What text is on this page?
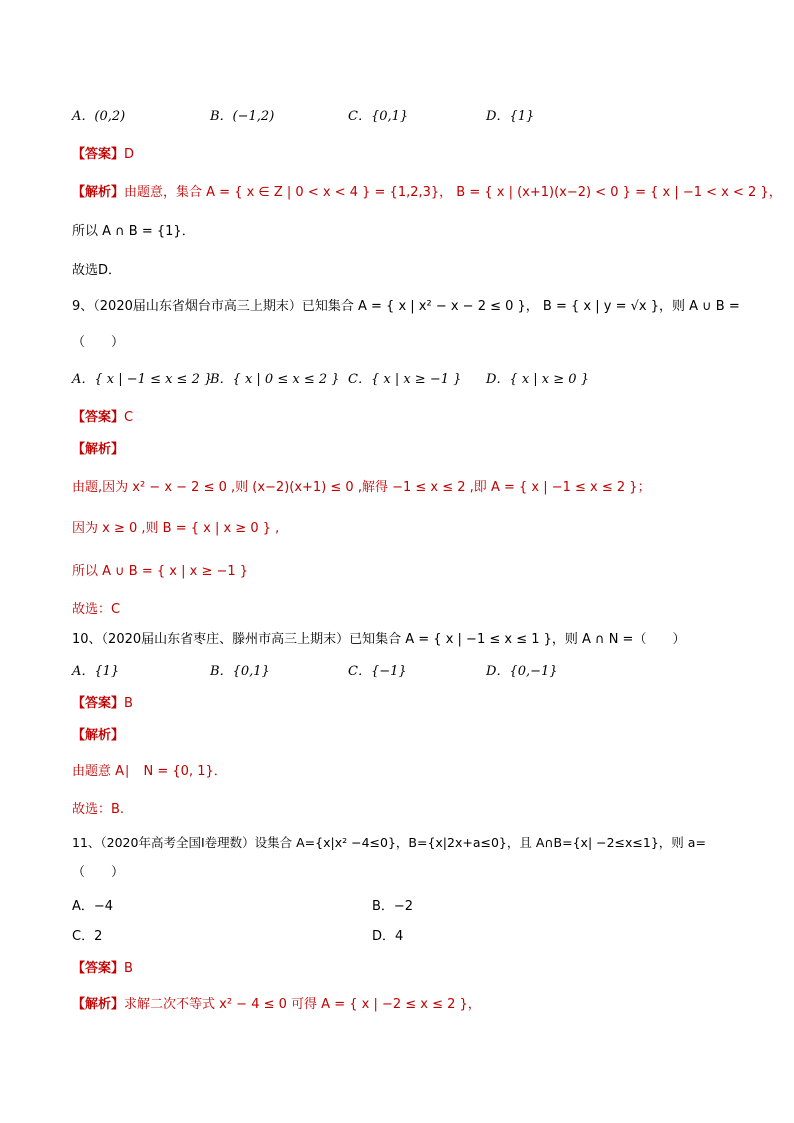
A．(0,2)	B．(−1,2)	C．{0,1}	D．{1}
【答案】D
【解析】由题意，集合 A = { x ∈ Z | 0 < x < 4 } = {1,2,3}， B = { x | (x+1)(x−2) < 0 } = { x | −1 < x < 2 }，
所以 A ∩ B = {1}．
故选D．
9、（2020届山东省烟台市高三上期末）已知集合 A = { x | x² − x − 2 ≤ 0 }， B = { x | y = √x }，则 A ∪ B =
（　　）
A．{ x | −1 ≤ x ≤ 2 }
B．{ x | 0 ≤ x ≤ 2 } C．{ x | x ≥ −1 } D．{ x | x ≥ 0 }
【答案】C
【解析】
由题,因为 x² − x − 2 ≤ 0 ,则 (x−2)(x+1) ≤ 0 ,解得 −1 ≤ x ≤ 2 ,即 A = { x | −1 ≤ x ≤ 2 }；
因为 x ≥ 0 ,则 B = { x | x ≥ 0 } ,
所以 A ∪ B = { x | x ≥ −1 }
故选：C
10、（2020届山东省枣庄、滕州市高三上期末）已知集合 A = { x | −1 ≤ x ≤ 1 }，则 A ∩ N =（　　）
A．{1}	B．{0,1}	C．{−1}	D．{0,−1}
【答案】B
【解析】
由题意 A∣　N = {0, 1}．
故选：B.
11、（2020年高考全国Ⅰ卷理数）设集合 A={x|x² −4≤0}，B={x|2x+a≤0}，且 A∩B={x| −2≤x≤1}，则 a=
（　　）
A．−4	B．−2
C．2	D．4
【答案】B
【解析】求解二次不等式 x² − 4 ≤ 0 可得 A = { x | −2 ≤ x ≤ 2 }，
